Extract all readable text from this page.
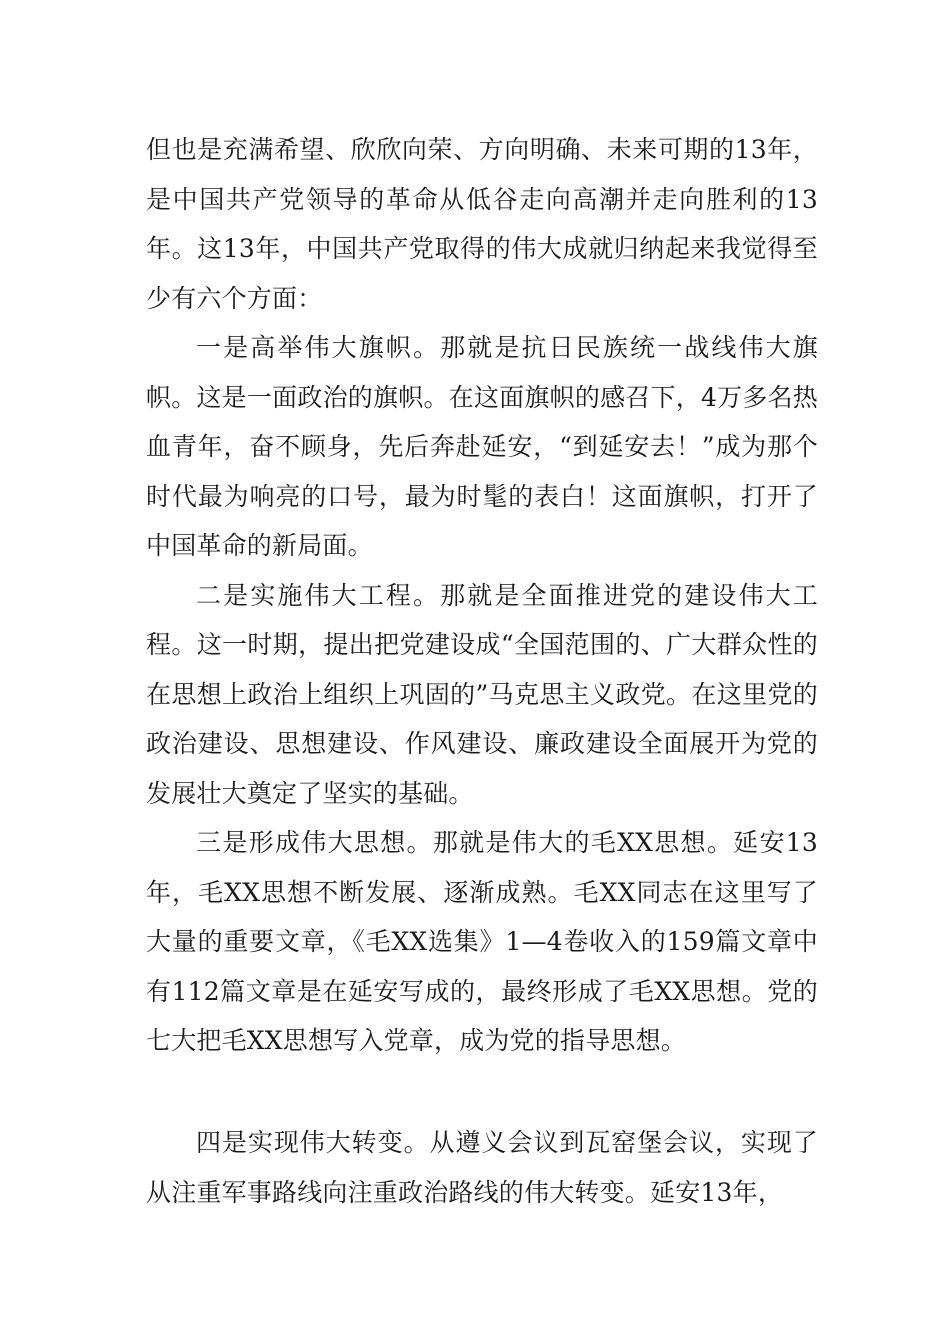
但也是充满希望、欣欣向荣、方向明确、未来可期的13年，是中国共产党领导的革命从低谷走向高潮并走向胜利的13年。这13年，中国共产党取得的伟大成就归纳起来我觉得至少有六个方面：

一是高举伟大旗帜。那就是抗日民族统一战线伟大旗帜。这是一面政治的旗帜。在这面旗帜的感召下，4万多名热血青年，奋不顾身，先后奔赴延安，“到延安去！”成为那个时代最为响亮的口号，最为时髦的表白！这面旗帜，打开了中国革命的新局面。

二是实施伟大工程。那就是全面推进党的建设伟大工程。这一时期，提出把党建设成“全国范围的、广大群众性的在思想上政治上组织上巩固的”马克思主义政党。在这里党的政治建设、思想建设、作风建设、廉政建设全面展开为党的发展壮大奠定了坚实的基础。

三是形成伟大思想。那就是伟大的毛XX思想。延安13年，毛XX思想不断发展、逐渐成熟。毛XX同志在这里写了大量的重要文章，《毛XX选集》1—4卷收入的159篇文章中有112篇文章是在延安写成的，最终形成了毛XX思想。党的七大把毛XX思想写入党章，成为党的指导思想。

四是实现伟大转变。从遵义会议到瓦窑堡会议，实现了从注重军事路线向注重政治路线的伟大转变。延安13年，
